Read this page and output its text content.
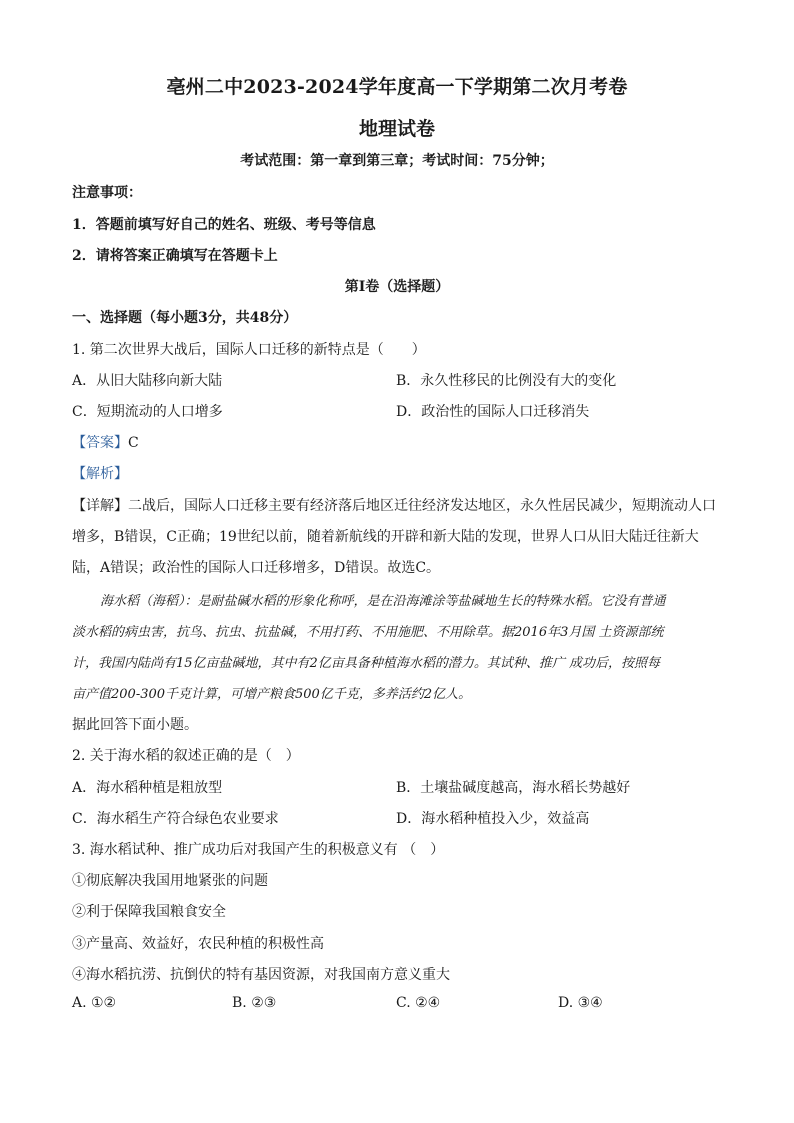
亳州二中2023-2024学年度高一下学期第二次月考卷
地理试卷
考试范围：第一章到第三章；考试时间：75分钟；
注意事项：
1．答题前填写好自己的姓名、班级、考号等信息
2．请将答案正确填写在答题卡上
第I卷（选择题）
一、选择题（每小题3分，共48分）
1. 第二次世界大战后，国际人口迁移的新特点是（　　）
A．从旧大陆移向新大陆	B．永久性移民的比例没有大的变化
C．短期流动的人口增多	D．政治性的国际人口迁移消失
【答案】C
【解析】
【详解】二战后，国际人口迁移主要有经济落后地区迁往经济发达地区，永久性居民减少，短期流动人口
增多，B错误，C正确；19世纪以前，随着新航线的开辟和新大陆的发现，世界人口从旧大陆迁往新大
陆，A错误；政治性的国际人口迁移增多，D错误。故选C。
海水稻（海稻）：是耐盐碱水稻的形象化称呼，是在沿海滩涂等盐碱地生长的特殊水稻。它没有普通
淡水稻的病虫害，抗鸟、抗虫、抗盐碱，不用打药、不用施肥、不用除草。据2016年3月国 土资源部统
计，我国内陆尚有15亿亩盐碱地，其中有2亿亩具备种植海水稻的潜力。其试种、推广 成功后，按照每
亩产值200-300千克计算，可增产粮食500亿千克，多养活约2亿人。
据此回答下面小题。
2. 关于海水稻的叙述正确的是（　）
A．海水稻种植是粗放型	B．土壤盐碱度越高，海水稻长势越好
C．海水稻生产符合绿色农业要求	D．海水稻种植投入少，效益高
3. 海水稻试种、推广成功后对我国产生的积极意义有 （　）
①彻底解决我国用地紧张的问题
②利于保障我国粮食安全
③产量高、效益好，农民种植的积极性高
④海水稻抗涝、抗倒伏的特有基因资源，对我国南方意义重大
A. ①②	B. ②③	C. ②④	D. ③④
